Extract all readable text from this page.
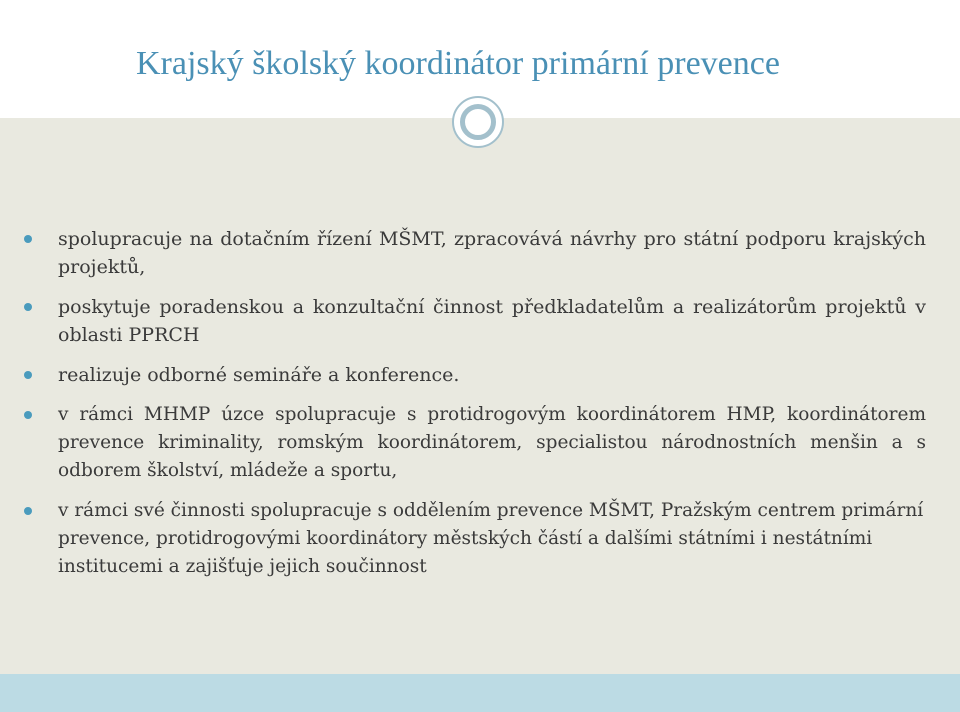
Krajský školský koordinátor primární prevence
spolupracuje na dotačním řízení MŠMT, zpracovává návrhy pro státní podporu krajských projektů,
poskytuje poradenskou a konzultační činnost předkladatelům a realizátorům projektů v oblasti PPRCH
realizuje odborné semináře a konference.
v rámci MHMP úzce spolupracuje s protidrogovým koordinátorem HMP, koordinátorem prevence kriminality, romským koordinátorem, specialistou národnostních menšin a s odborem školství, mládeže a sportu,
v rámci své činnosti spolupracuje s oddělením prevence MŠMT, Pražským centrem primární prevence, protidrogovými koordinátory městských částí a dalšími státními i nestátními institucemi a zajišťuje jejich součinnost
